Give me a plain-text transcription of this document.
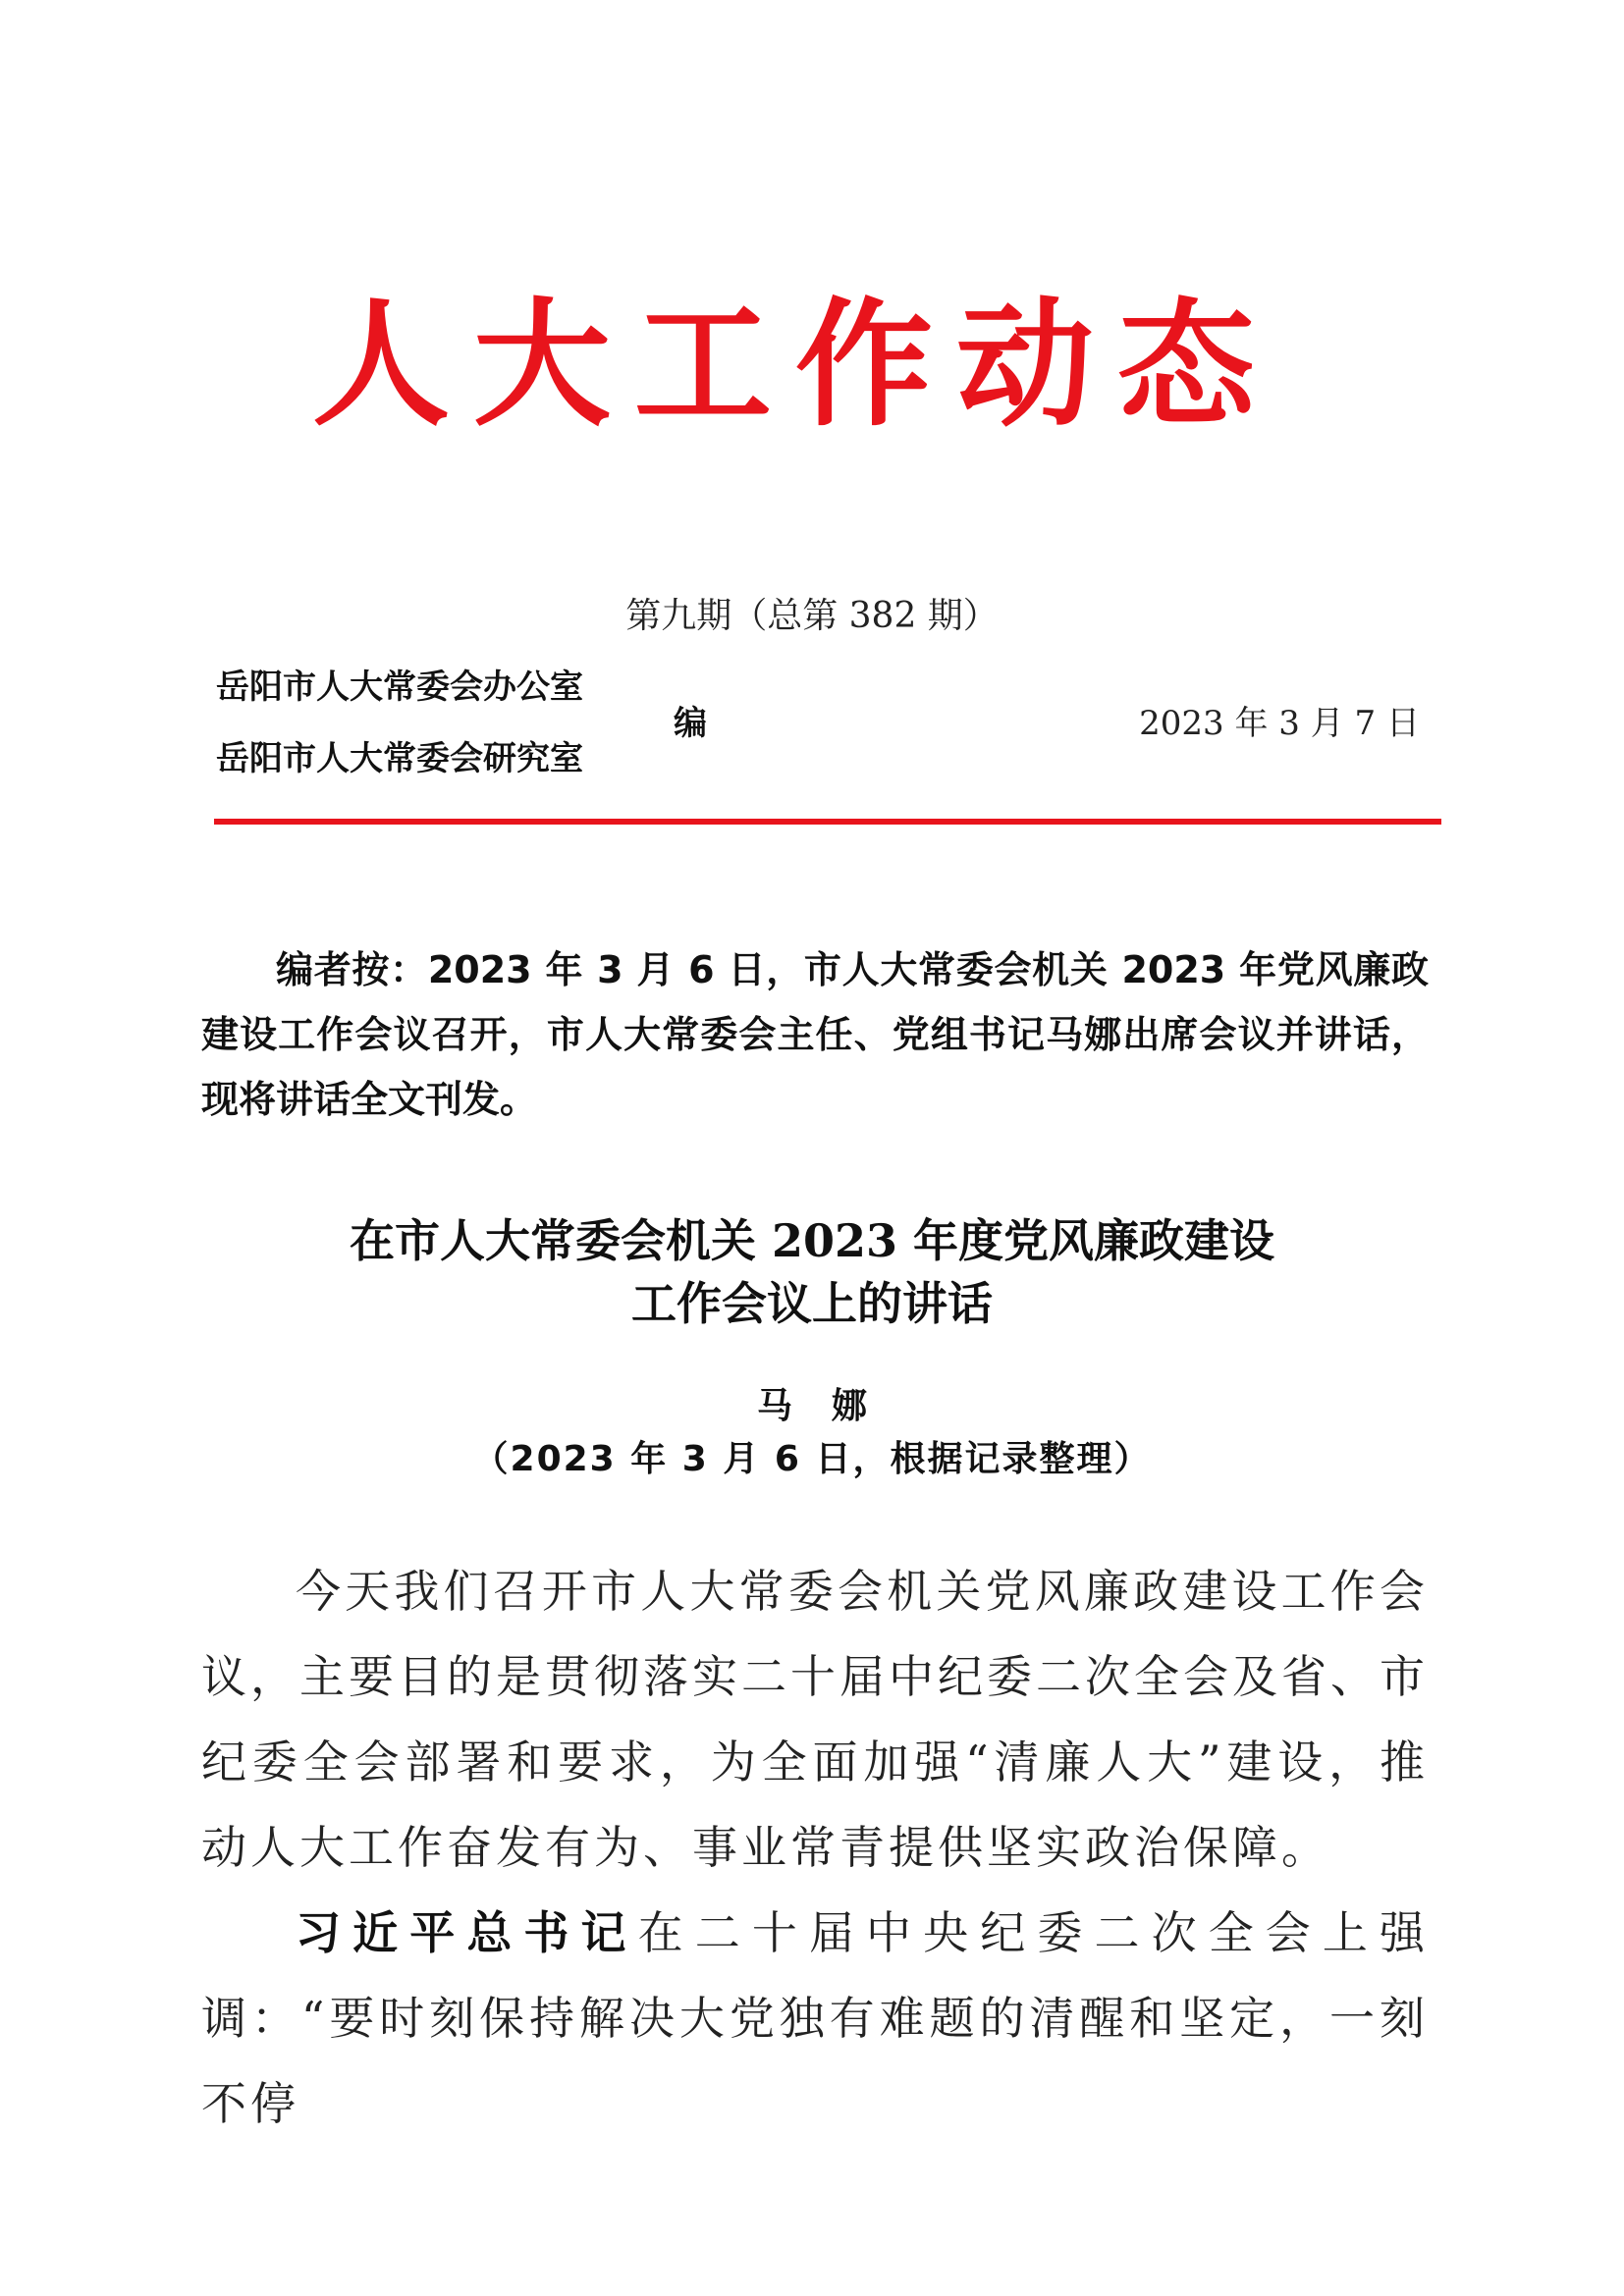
人大工作动态
第九期（总第 382 期）
岳阳市人大常委会办公室
岳阳市人大常委会研究室
编	2023 年 3 月 7 日
编者按：2023 年 3 月 6 日，市人大常委会机关 2023 年党风廉政建设工作会议召开，市人大常委会主任、党组书记马娜出席会议并讲话，现将讲话全文刊发。
在市人大常委会机关 2023 年度党风廉政建设
工作会议上的讲话
马娜
（2023 年 3 月 6 日，根据记录整理）
今天我们召开市人大常委会机关党风廉政建设工作会议，主要目的是贯彻落实二十届中纪委二次全会及省、市纪委全会部署和要求，为全面加强“清廉人大”建设，推动人大工作奋发有为、事业常青提供坚实政治保障。
习近平总书记在二十届中央纪委二次全会上强调：“要时刻保持解决大党独有难题的清醒和坚定，一刻不停
